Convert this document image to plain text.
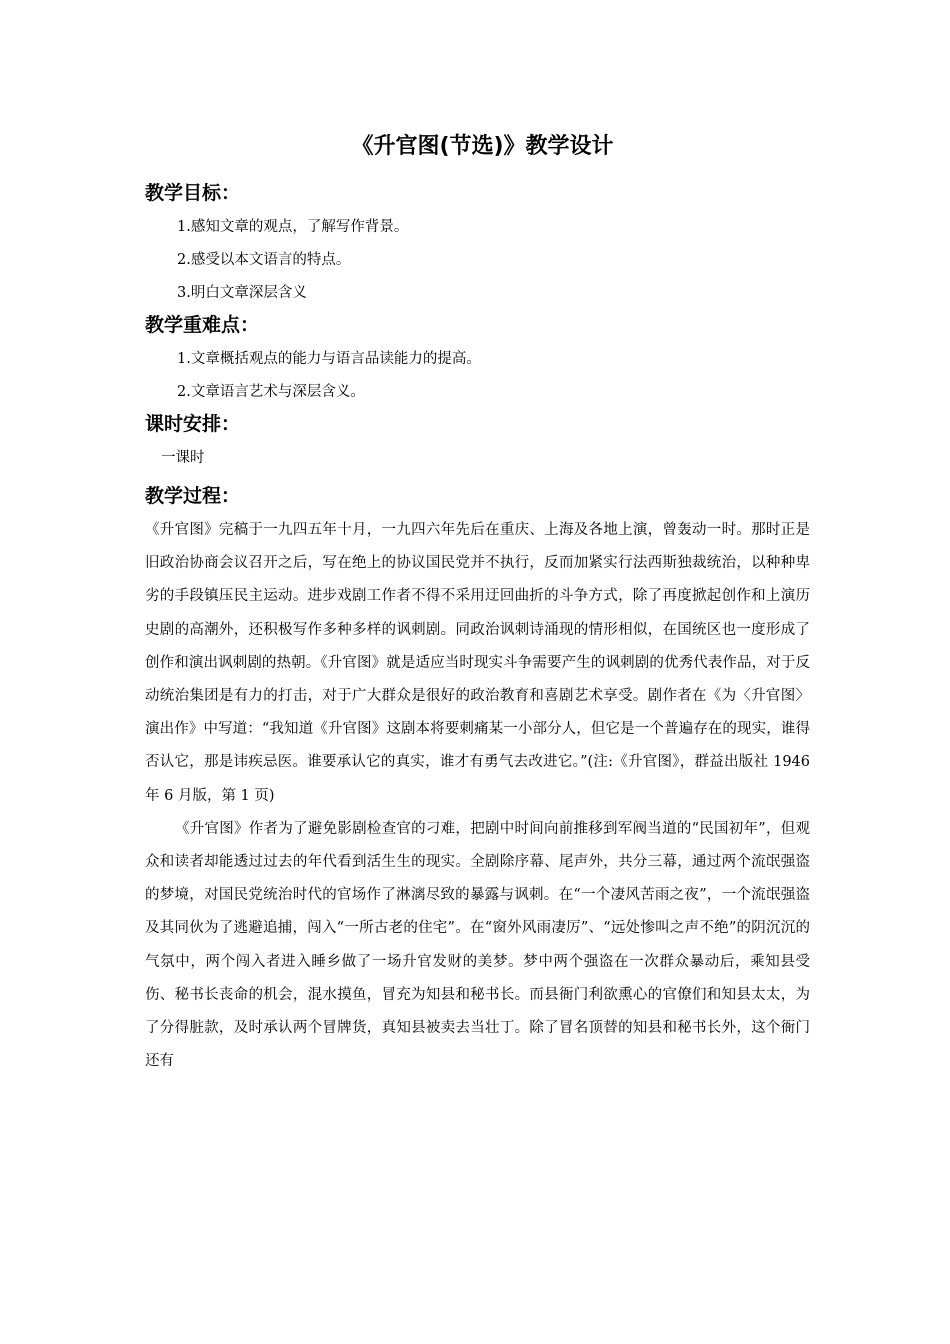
《升官图(节选)》教学设计
教学目标：

1.感知文章的观点，了解写作背景。

2.感受以本文语言的特点。

3.明白文章深层含义

教学重难点：

1.文章概括观点的能力与语言品读能力的提高。

2.文章语言艺术与深层含义。

课时安排：

一课时

教学过程：

《升官图》完稿于一九四五年十月，一九四六年先后在重庆、上海及各地上演，曾轰动一时。那时正是旧政治协商会议召开之后，写在绝上的协议国民党并不执行，反而加紧实行法西斯独裁统治，以种种卑劣的手段镇压民主运动。进步戏剧工作者不得不采用迂回曲折的斗争方式，除了再度掀起创作和上演历史剧的高潮外，还积极写作多种多样的讽刺剧。同政治讽刺诗涌现的情形相似，在国统区也一度形成了创作和演出讽刺剧的热朝。《升官图》就是适应当时现实斗争需要产生的讽刺剧的优秀代表作品，对于反动统治集团是有力的打击，对于广大群众是很好的政治教育和喜剧艺术享受。剧作者在《为〈升官图〉演出作》中写道：“我知道《升官图》这剧本将要刺痛某一小部分人，但它是一个普遍存在的现实，谁得否认它，那是讳疾忌医。谁要承认它的真实，谁才有勇气去改进它。”(注:《升官图》，群益出版社 1946 年 6 月版，第 1 页)

《升官图》作者为了避免影剧检查官的刁难，把剧中时间向前推移到军阀当道的“民国初年”，但观众和读者却能透过过去的年代看到活生生的现实。全剧除序幕、尾声外，共分三幕，通过两个流氓强盗的梦境，对国民党统治时代的官场作了淋漓尽致的暴露与讽刺。在“一个凄风苦雨之夜”，一个流氓强盗及其同伙为了逃避追捕，闯入“一所古老的住宅”。在“窗外风雨凄厉”、“远处惨叫之声不绝”的阴沉沉的气氛中，两个闯入者进入睡乡做了一场升官发财的美梦。梦中两个强盗在一次群众暴动后，乘知县受伤、秘书长丧命的机会，混水摸鱼，冒充为知县和秘书长。而县衙门利欲熏心的官僚们和知县太太，为了分得脏款，及时承认两个冒牌货，真知县被卖去当壮丁。除了冒名顶替的知县和秘书长外，这个衙门还有
